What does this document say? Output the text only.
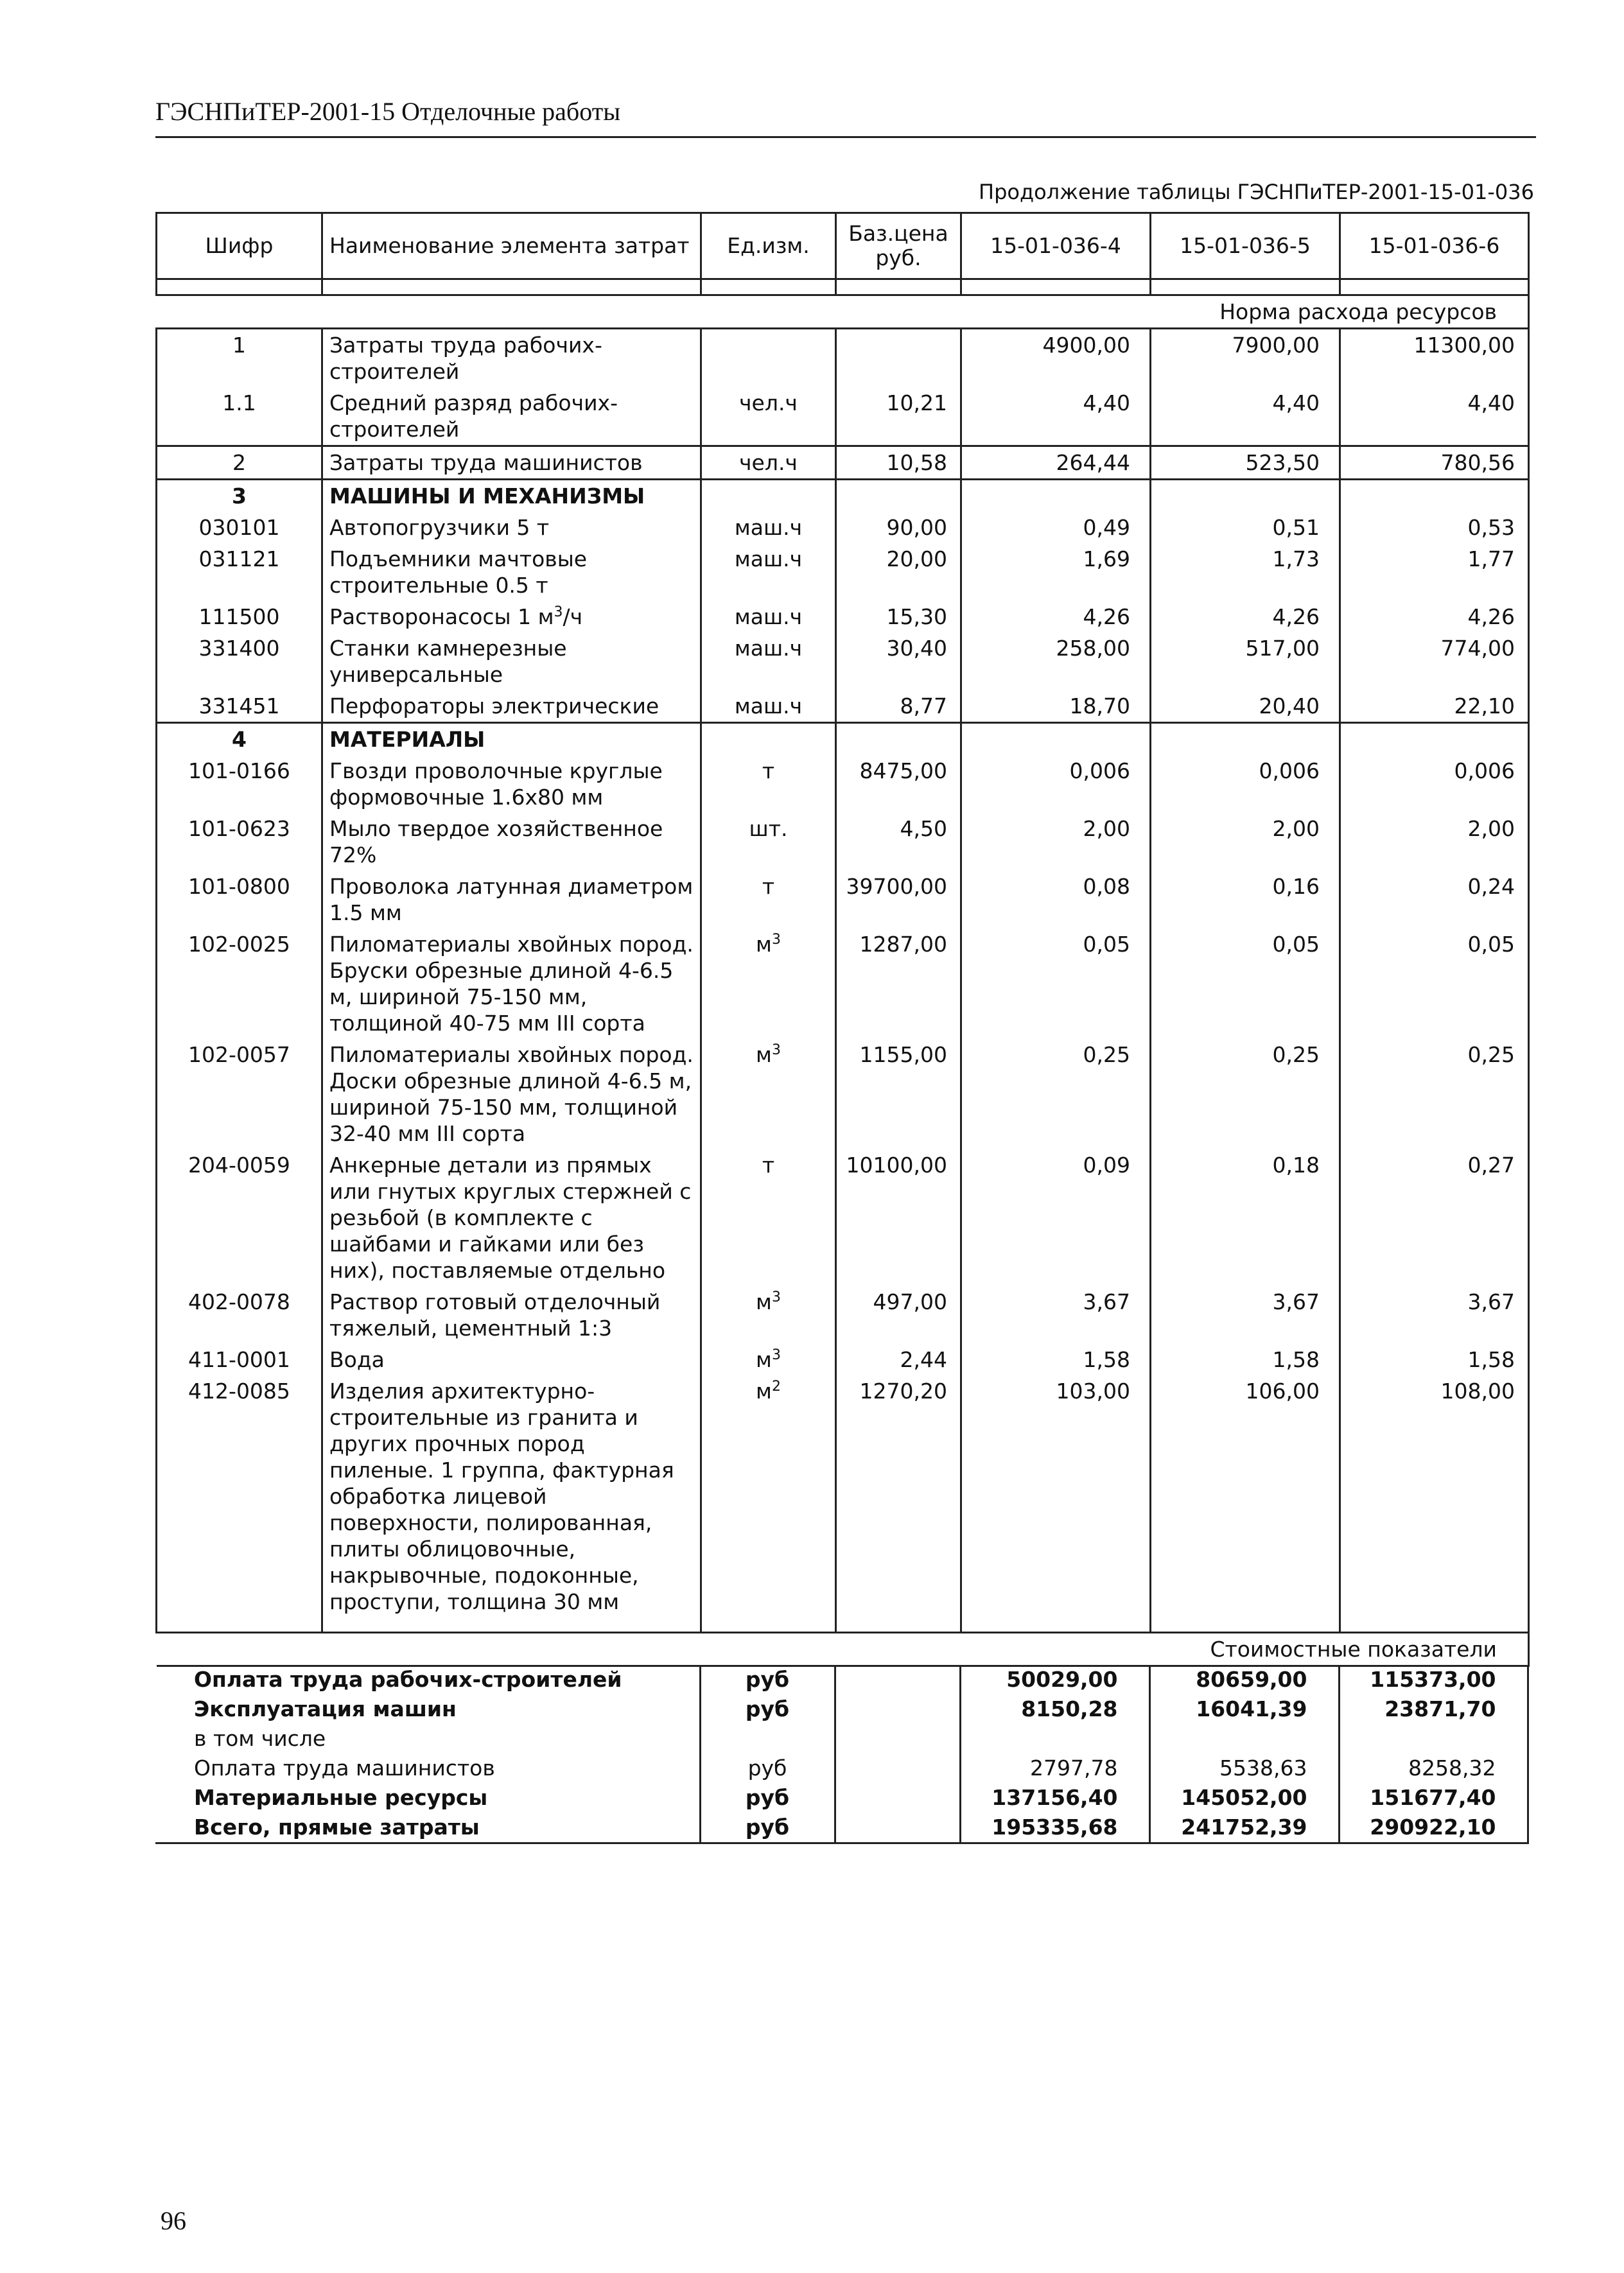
ГЭСНПиТЕР-2001-15 Отделочные работы
Продолжение таблицы ГЭСНПиТЕР-2001-15-01-036
Шифр	Наименование элемента затрат	Ед.изм.	Баз.цена руб.	15-01-036-4	15-01-036-5	15-01-036-6

Норма расхода ресурсов						
1	Затраты труда рабочих-строителей			4900,00	7900,00	11300,00
1.1	Средний разряд рабочих-строителей	чел.ч	10,21	4,40	4,40	4,40
2	Затраты труда машинистов	чел.ч	10,58	264,44	523,50	780,56
3	МАШИНЫ И МЕХАНИЗМЫ					
030101	Автопогрузчики 5 т	маш.ч	90,00	0,49	0,51	0,53
031121	Подъемники мачтовые строительные 0.5 т	маш.ч	20,00	1,69	1,73	1,77
111500	Растворонасосы 1 $м^3/ч$	маш.ч	15,30	4,26	4,26	4,26
331400	Станки камнерезные универсальные	маш.ч	30,40	258,00	517,00	774,00
331451	Перфораторы электрические	маш.ч	8,77	18,70	20,40	22,10
4	МАТЕРИАЛЫ					
101-0166	Гвозди проволочные круглые формовочные 1.6х80 мм	т	8475,00	0,006	0,006	0,006
101-0623	Мыло твердое хозяйственное 72%	шт.	4,50	2,00	2,00	2,00
101-0800	Проволока латунная диаметром 1.5 мм	т	39700,00	0,08	0,16	0,24
102-0025	Пиломатериалы хвойных пород. Бруски обрезные длиной 4-6.5 м, шириной 75-150 мм, толщиной 40-75 мм III сорта	$м^3$	1287,00	0,05	0,05	0,05
102-0057	Пиломатериалы хвойных пород. Доски обрезные длиной 4-6.5 м, шириной 75-150 мм, толщиной 32-40 мм III сорта	$м^3$	1155,00	0,25	0,25	0,25
204-0059	Анкерные детали из прямых или гнутых круглых стержней с резьбой (в комплекте с шайбами и гайками или без них), поставляемые отдельно	т	10100,00	0,09	0,18	0,27
402-0078	Раствор готовый отделочный тяжелый, цементный 1:3	$м^3$	497,00	3,67	3,67	3,67
411-0001	Вода	$м^3$	2,44	1,58	1,58	1,58
412-0085	Изделия архитектурно-строительные из гранита и других прочных пород пиленые. 1 группа, фактурная обработка лицевой поверхности, полированная, плиты облицовочные, накрывочные, подоконные, проступи, толщина 30 мм	$м^2$	1270,20	103,00	106,00	108,00

Стоимостные показатели						
Оплата труда рабочих-строителей	руб		50029,00	80659,00	115373,00
Эксплуатация машин	руб		8150,28	16041,39	23871,70
в том числе					
Оплата труда машинистов	руб		2797,78	5538,63	8258,32
Материальные ресурсы	руб		137156,40	145052,00	151677,40
Всего, прямые затраты	руб		195335,68	241752,39	290922,10
96
